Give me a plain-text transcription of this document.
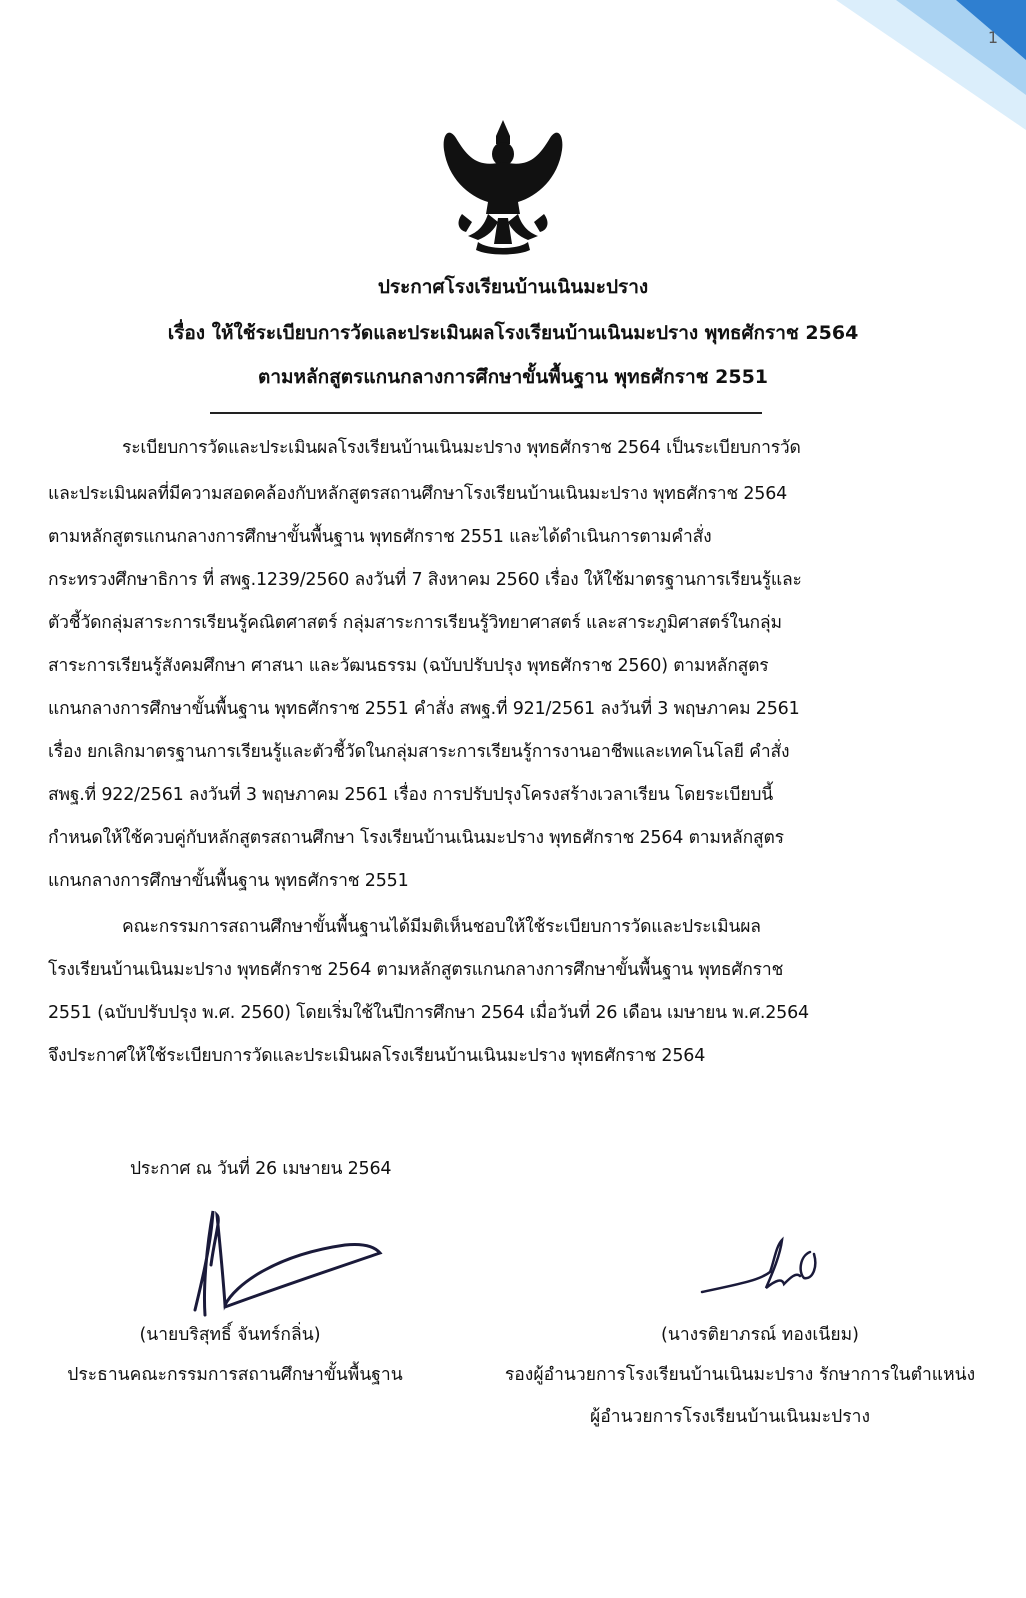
1
ประกาศโรงเรียนบ้านเนินมะปราง
เรื่อง ให้ใช้ระเบียบการวัดและประเมินผลโรงเรียนบ้านเนินมะปราง พุทธศักราช 2564
ตามหลักสูตรแกนกลางการศึกษาขั้นพื้นฐาน พุทธศักราช 2551
ระเบียบการวัดและประเมินผลโรงเรียนบ้านเนินมะปราง พุทธศักราช 2564 เป็นระเบียบการวัด
และประเมินผลที่มีความสอดคล้องกับหลักสูตรสถานศึกษาโรงเรียนบ้านเนินมะปราง พุทธศักราช 2564
ตามหลักสูตรแกนกลางการศึกษาขั้นพื้นฐาน พุทธศักราช 2551 และได้ดำเนินการตามคำสั่ง
กระทรวงศึกษาธิการ ที่ สพฐ.1239/2560 ลงวันที่ 7 สิงหาคม 2560 เรื่อง ให้ใช้มาตรฐานการเรียนรู้และ
ตัวชี้วัดกลุ่มสาระการเรียนรู้คณิตศาสตร์ กลุ่มสาระการเรียนรู้วิทยาศาสตร์ และสาระภูมิศาสตร์ในกลุ่ม
สาระการเรียนรู้สังคมศึกษา ศาสนา และวัฒนธรรม (ฉบับปรับปรุง พุทธศักราช 2560) ตามหลักสูตร
แกนกลางการศึกษาขั้นพื้นฐาน พุทธศักราช 2551 คำสั่ง สพฐ.ที่ 921/2561 ลงวันที่ 3 พฤษภาคม 2561
เรื่อง ยกเลิกมาตรฐานการเรียนรู้และตัวชี้วัดในกลุ่มสาระการเรียนรู้การงานอาชีพและเทคโนโลยี คำสั่ง
สพฐ.ที่ 922/2561 ลงวันที่ 3 พฤษภาคม 2561 เรื่อง การปรับปรุงโครงสร้างเวลาเรียน โดยระเบียบนี้
กำหนดให้ใช้ควบคู่กับหลักสูตรสถานศึกษา โรงเรียนบ้านเนินมะปราง พุทธศักราช 2564 ตามหลักสูตร
แกนกลางการศึกษาขั้นพื้นฐาน พุทธศักราช 2551
คณะกรรมการสถานศึกษาขั้นพื้นฐานได้มีมติเห็นชอบให้ใช้ระเบียบการวัดและประเมินผล
โรงเรียนบ้านเนินมะปราง พุทธศักราช 2564 ตามหลักสูตรแกนกลางการศึกษาขั้นพื้นฐาน พุทธศักราช
2551 (ฉบับปรับปรุง พ.ศ. 2560) โดยเริ่มใช้ในปีการศึกษา 2564 เมื่อวันที่ 26 เดือน เมษายน พ.ศ.2564
จึงประกาศให้ใช้ระเบียบการวัดและประเมินผลโรงเรียนบ้านเนินมะปราง พุทธศักราช 2564
ประกาศ ณ วันที่ 26 เมษายน 2564
(นายบริสุทธิ์ จันทร์กลิ่น)
ประธานคณะกรรมการสถานศึกษาขั้นพื้นฐาน
(นางรติยาภรณ์ ทองเนียม)
รองผู้อำนวยการโรงเรียนบ้านเนินมะปราง รักษาการในตำแหน่ง
ผู้อำนวยการโรงเรียนบ้านเนินมะปราง
